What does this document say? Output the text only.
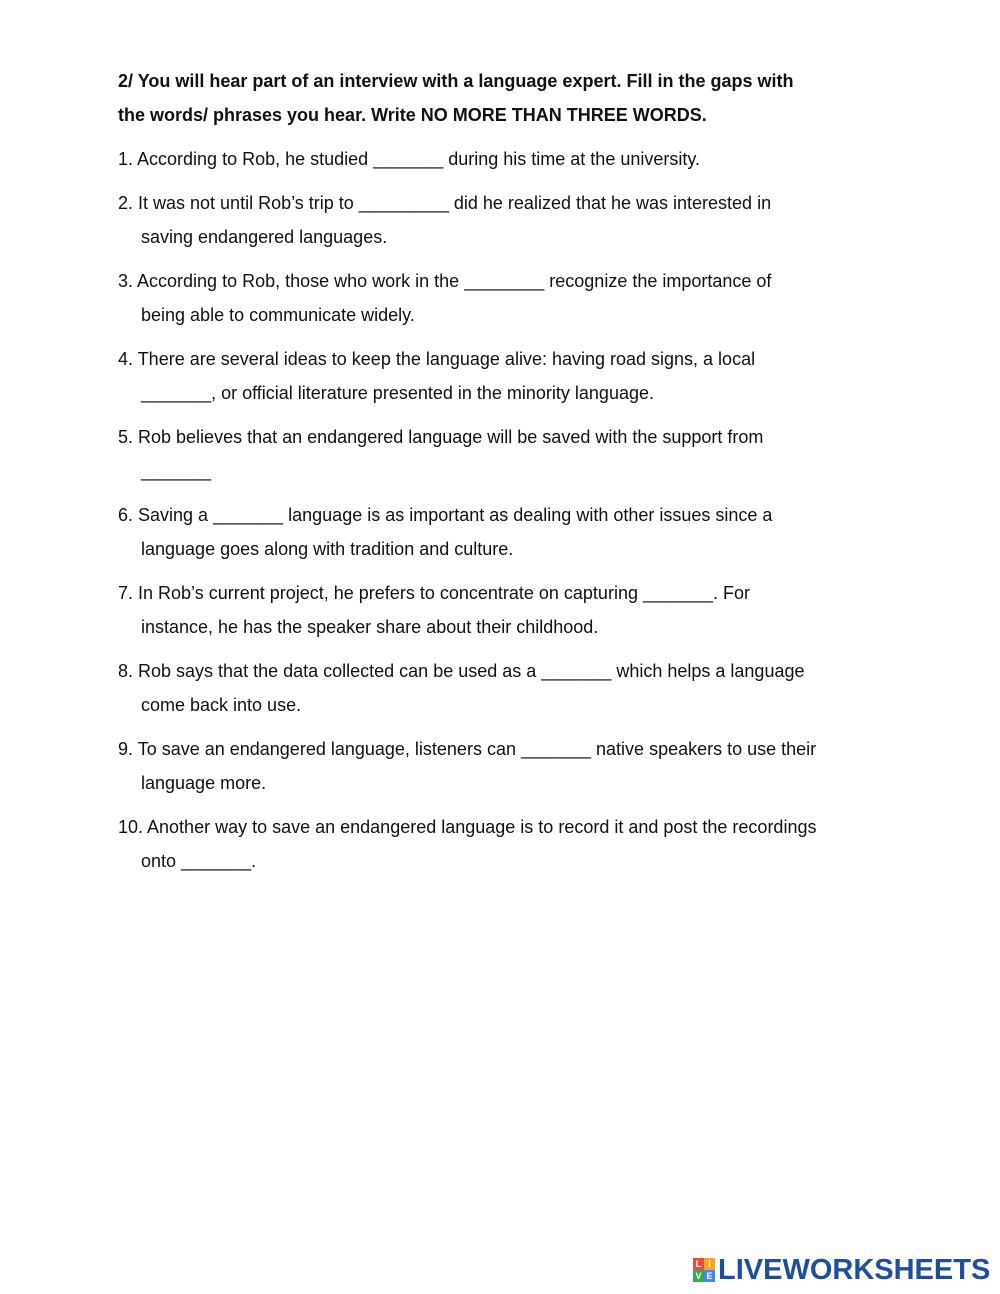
2/ You will hear part of an interview with a language expert. Fill in the gaps with
the words/ phrases you hear. Write NO MORE THAN THREE WORDS.
1. According to Rob, he studied _______ during his time at the university.
2. It was not until Rob’s trip to _________ did he realized that he was interested in
saving endangered languages.
3. According to Rob, those who work in the ________ recognize the importance of
being able to communicate widely.
4. There are several ideas to keep the language alive: having road signs, a local
_______, or official literature presented in the minority language.
5. Rob believes that an endangered language will be saved with the support from
_______
6. Saving a _______ language is as important as dealing with other issues since a
language goes along with tradition and culture.
7. In Rob’s current project, he prefers to concentrate on capturing _______. For
instance, he has the speaker share about their childhood.
8. Rob says that the data collected can be used as a _______ which helps a language
come back into use.
9. To save an endangered language, listeners can _______ native speakers to use their
language more.
10. Another way to save an endangered language is to record it and post the recordings
onto _______.
L I
V E LIVEWORKSHEETS
